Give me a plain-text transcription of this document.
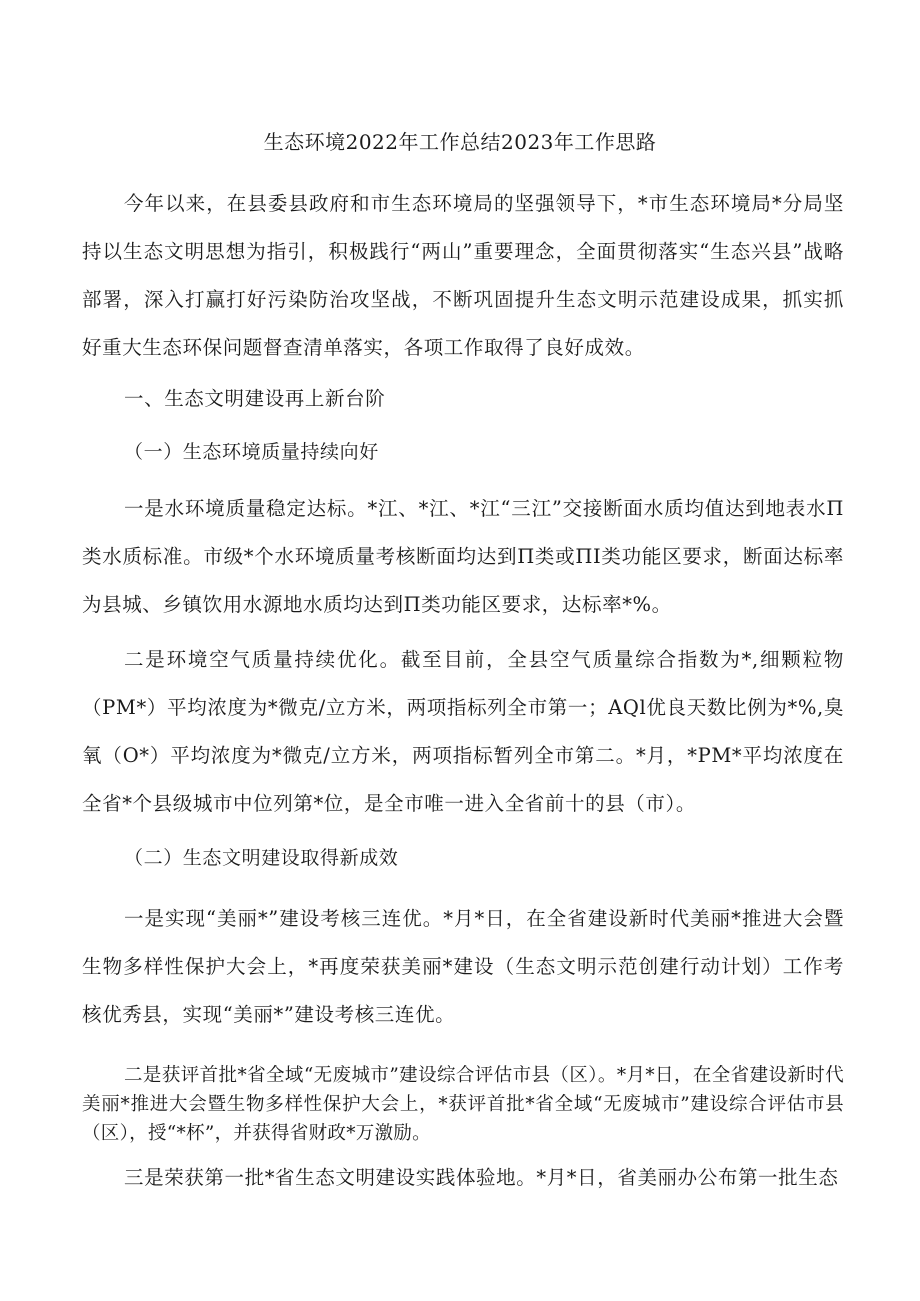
生态环境2022年工作总结2023年工作思路

今年以来，在县委县政府和市生态环境局的坚强领导下，*市生态环境局*分局坚持以生态文明思想为指引，积极践行“两山”重要理念，全面贯彻落实“生态兴县”战略部署，深入打赢打好污染防治攻坚战，不断巩固提升生态文明示范建设成果，抓实抓好重大生态环保问题督查清单落实，各项工作取得了良好成效。

一、生态文明建设再上新台阶
（一）生态环境质量持续向好

一是水环境质量稳定达标。*江、*江、*江“三江”交接断面水质均值达到地表水Π类水质标准。市级*个水环境质量考核断面均达到Π类或ΠI类功能区要求，断面达标率为县城、乡镇饮用水源地水质均达到Π类功能区要求，达标率*%。

二是环境空气质量持续优化。截至目前，全县空气质量综合指数为*,细颗粒物（PM*）平均浓度为*微克/立方米，两项指标列全市第一；AQl优良天数比例为*%,臭氧（O*）平均浓度为*微克/立方米，两项指标暂列全市第二。*月，*PM*平均浓度在全省*个县级城市中位列第*位，是全市唯一进入全省前十的县（市）。

（二）生态文明建设取得新成效

一是实现“美丽*”建设考核三连优。*月*日，在全省建设新时代美丽*推进大会暨生物多样性保护大会上，*再度荣获美丽*建设（生态文明示范创建行动计划）工作考核优秀县，实现“美丽*”建设考核三连优。

二是获评首批*省全域“无废城市”建设综合评估市县（区）。*月*日，在全省建设新时代美丽*推进大会暨生物多样性保护大会上，*获评首批*省全域“无废城市”建设综合评估市县（区），授“*杯”，并获得省财政*万激励。

三是荣获第一批*省生态文明建设实践体验地。*月*日，省美丽办公布第一批生态
